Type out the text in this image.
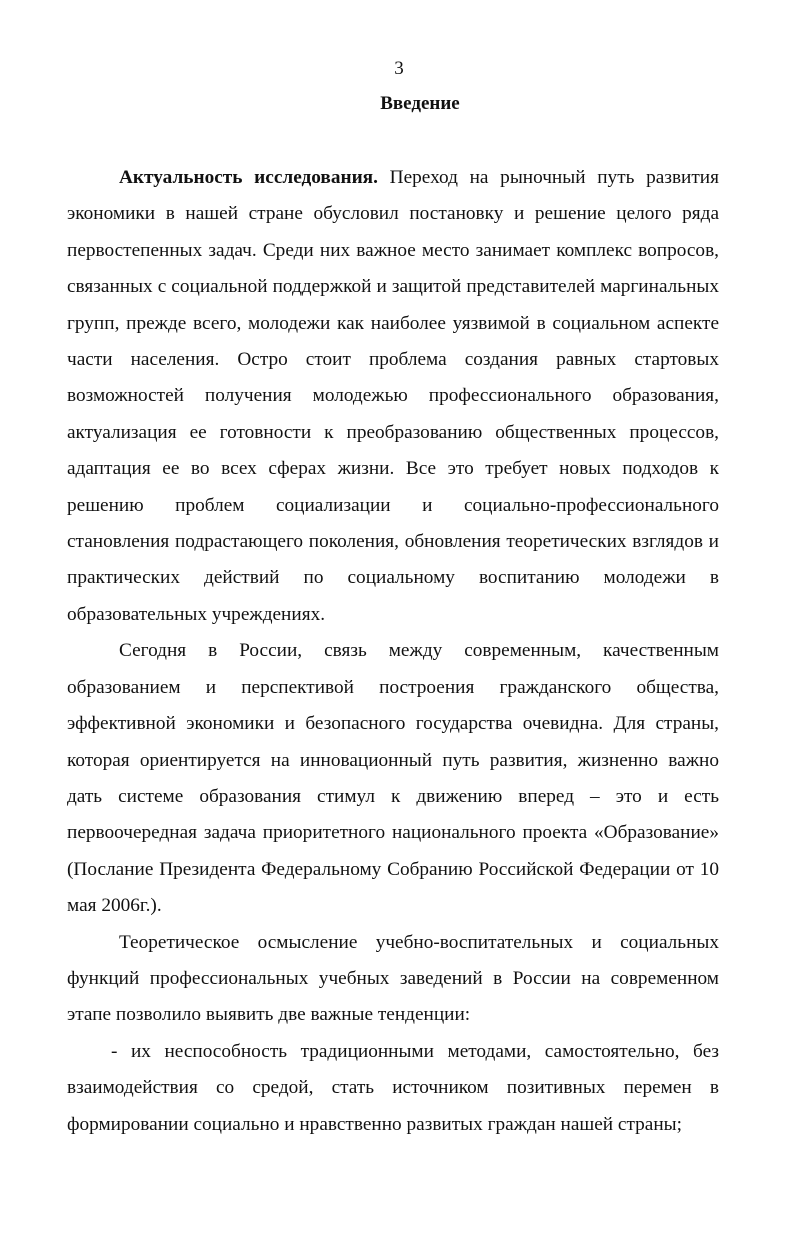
3
Введение

Актуальность исследования. Переход на рыночный путь развития экономики в нашей стране обусловил постановку и решение целого ряда первостепенных задач. Среди них важное место занимает комплекс вопросов, связанных с социальной поддержкой и защитой представителей маргинальных групп, прежде всего, молодежи как наиболее уязвимой в социальном аспекте части населения. Остро стоит проблема создания равных стартовых возможностей получения молодежью профессионального образования, актуализация ее готовности к преобразованию общественных процессов, адаптация ее во всех сферах жизни. Все это требует новых подходов к решению проблем социализации и социально-профессионального становления подрастающего поколения, обновления теоретических взглядов и практических действий по социальному воспитанию молодежи в образовательных учреждениях.

Сегодня в России, связь между современным, качественным образованием и перспективой построения гражданского общества, эффективной экономики и безопасного государства очевидна. Для страны, которая ориентируется на инновационный путь развития, жизненно важно дать системе образования стимул к движению вперед – это и есть первоочередная задача приоритетного национального проекта «Образование» (Послание Президента Федеральному Собранию Российской Федерации от 10 мая 2006г.).

Теоретическое осмысление учебно-воспитательных и социальных функций профессиональных учебных заведений в России на современном этапе позволило выявить две важные тенденции:

- их неспособность традиционными методами, самостоятельно, без взаимодействия со средой, стать источником позитивных перемен в формировании социально и нравственно развитых граждан нашей страны;
